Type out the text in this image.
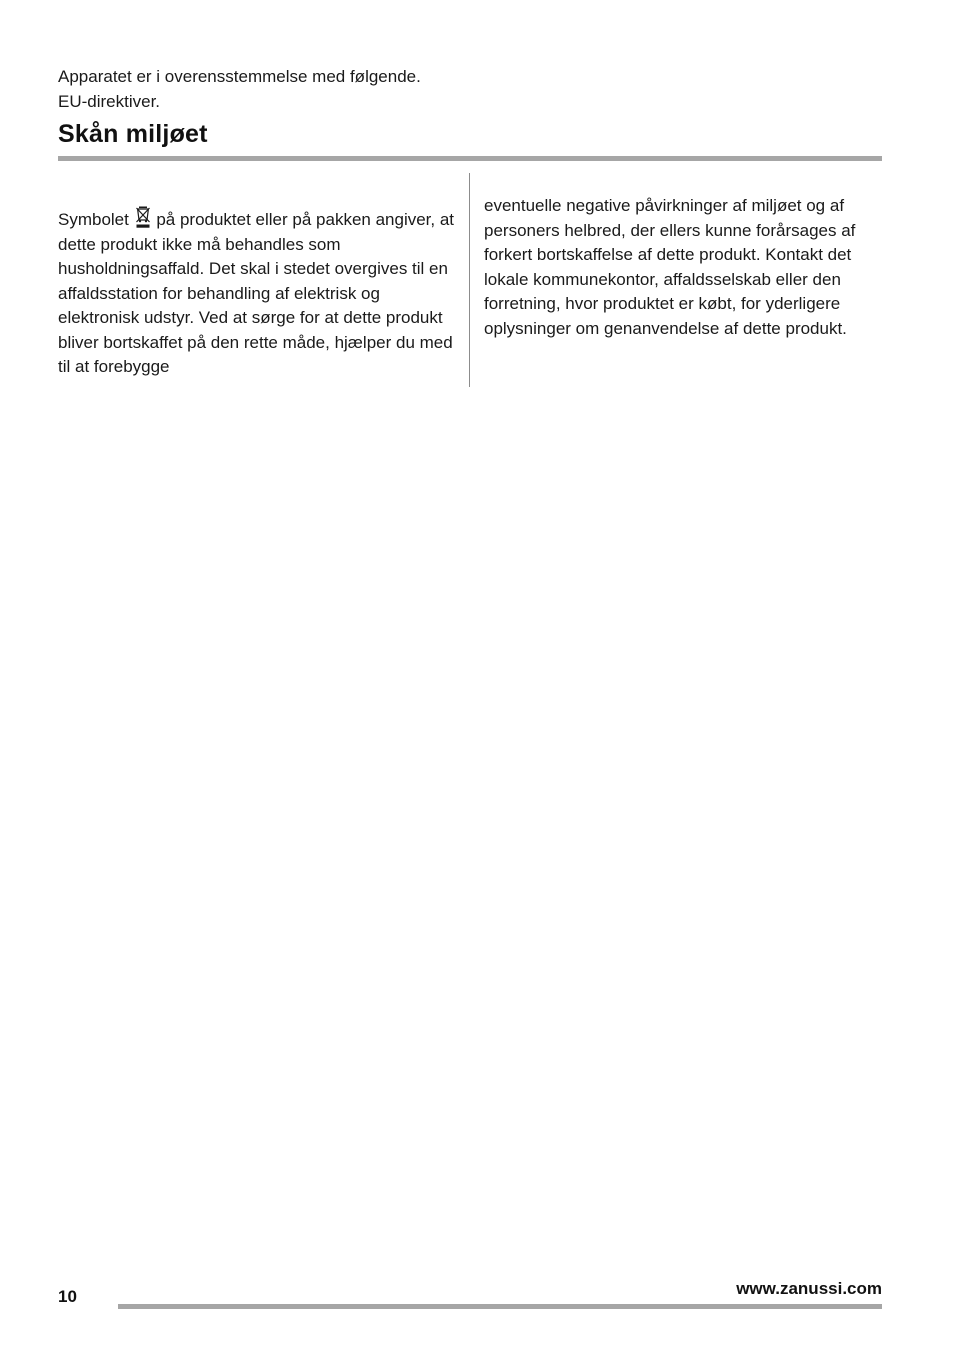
Apparatet er i overensstemmelse med følgende.

EU-direktiver.

Skån miljøet

Symbolet  på produktet eller på pakken angiver, at dette produkt ikke må behandles som husholdningsaffald. Det skal i stedet overgives til en affaldsstation for behandling af elektrisk og elektronisk udstyr. Ved at sørge for at dette produkt bliver bortskaffet på den rette måde, hjælper du med til at forebygge

eventuelle negative påvirkninger af miljøet og af personers helbred, der ellers kunne forårsages af forkert bortskaffelse af dette produkt. Kontakt det lokale kommunekontor, affaldsselskab eller den forretning, hvor produktet er købt, for yderligere oplysninger om genanvendelse af dette produkt.

10	www.zanussi.com
